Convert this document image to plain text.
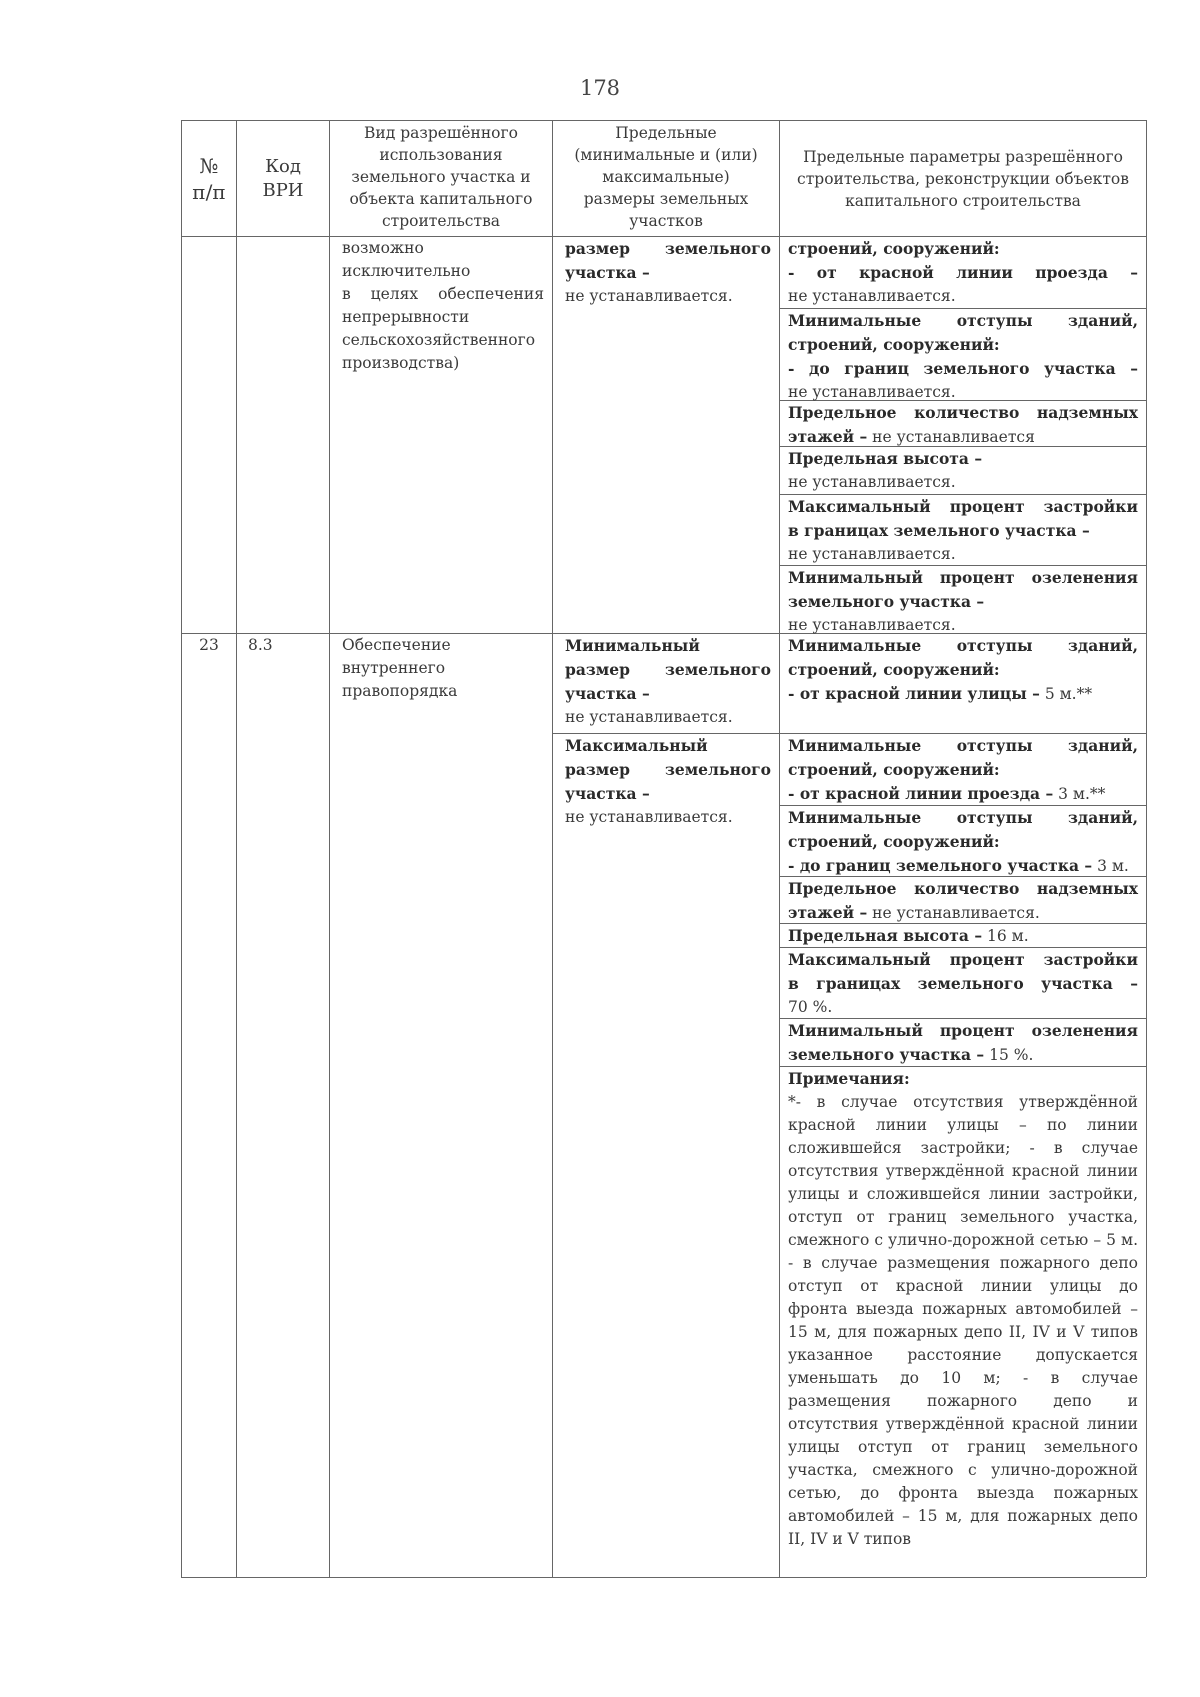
178
№
п/п
Код
ВРИ
Вид разрешённого
использования
земельного участка и
объекта капитального
строительства
Предельные
(минимальные и (или)
максимальные)
размеры земельных
участков
Предельные параметры разрешённого
строительства, реконструкции объектов
капитального строительства
возможно
исключительно
в целях обеспечения
непрерывности
сельскохозяйственного
производства)
размер земельного
участка –
не устанавливается.
строений, сооружений:
- от красной линии проезда –
не устанавливается.
Минимальные отступы зданий,
строений, сооружений:
- до границ земельного участка –
не устанавливается.
Предельное количество надземных
этажей – не устанавливается
Предельная высота –
не устанавливается.
Максимальный процент застройки
в границах земельного участка –
не устанавливается.
Минимальный процент озеленения
земельного участка –
не устанавливается.
23	8.3	Обеспечение
внутреннего
правопорядка
Минимальный
размер земельного
участка –
не устанавливается.
Максимальный
размер земельного
участка –
не устанавливается.
Минимальные отступы зданий,
строений, сооружений:
- от красной линии улицы – 5 м.**
Минимальные отступы зданий,
строений, сооружений:
- от красной линии проезда – 3 м.**
Минимальные отступы зданий,
строений, сооружений:
- до границ земельного участка – 3 м.
Предельное количество надземных
этажей – не устанавливается.
Предельная высота – 16 м.
Максимальный процент застройки
в границах земельного участка –
70 %.
Минимальный процент озеленения
земельного участка – 15 %.
Примечания:
*- в случае отсутствия утверждённой красной линии улицы – по линии сложившейся застройки; - в случае отсутствия утверждённой красной линии улицы и сложившейся линии застройки, отступ от границ земельного участка, смежного с улично-дорожной сетью – 5 м. - в случае размещения пожарного депо отступ от красной линии улицы до фронта выезда пожарных автомобилей – 15 м, для пожарных депо II, IV и V типов указанное расстояние допускается уменьшать до 10 м; - в случае размещения пожарного депо и отсутствия утверждённой красной линии улицы отступ от границ земельного участка, смежного с улично-дорожной сетью, до фронта выезда пожарных автомобилей – 15 м, для пожарных депо II, IV и V типов
